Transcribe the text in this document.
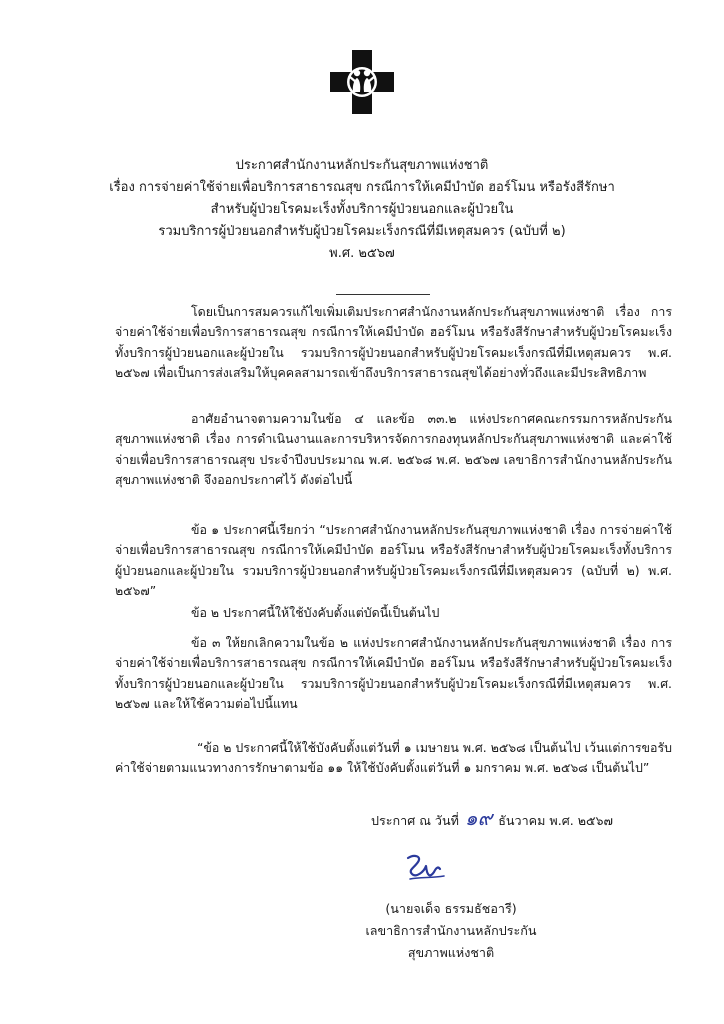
ประกาศสำนักงานหลักประกันสุขภาพแห่งชาติ
เรื่อง การจ่ายค่าใช้จ่ายเพื่อบริการสาธารณสุข กรณีการให้เคมีบำบัด ฮอร์โมน หรือรังสีรักษา
สำหรับผู้ป่วยโรคมะเร็งทั้งบริการผู้ป่วยนอกและผู้ป่วยใน
รวมบริการผู้ป่วยนอกสำหรับผู้ป่วยโรคมะเร็งกรณีที่มีเหตุสมควร (ฉบับที่ ๒)
พ.ศ. ๒๕๖๗

โดยเป็นการสมควรแก้ไขเพิ่มเติมประกาศสำนักงานหลักประกันสุขภาพแห่งชาติ เรื่อง การจ่ายค่าใช้จ่ายเพื่อบริการสาธารณสุข กรณีการให้เคมีบำบัด ฮอร์โมน หรือรังสีรักษาสำหรับผู้ป่วยโรคมะเร็งทั้งบริการผู้ป่วยนอกและผู้ป่วยใน รวมบริการผู้ป่วยนอกสำหรับผู้ป่วยโรคมะเร็งกรณีที่มีเหตุสมควร พ.ศ. ๒๕๖๗ เพื่อเป็นการส่งเสริมให้บุคคลสามารถเข้าถึงบริการสาธารณสุขได้อย่างทั่วถึงและมีประสิทธิภาพ

อาศัยอำนาจตามความในข้อ ๔ และข้อ ๓๓.๒ แห่งประกาศคณะกรรมการหลักประกันสุขภาพแห่งชาติ เรื่อง การดำเนินงานและการบริหารจัดการกองทุนหลักประกันสุขภาพแห่งชาติ และค่าใช้จ่ายเพื่อบริการสาธารณสุข ประจำปีงบประมาณ พ.ศ. ๒๕๖๘ พ.ศ. ๒๕๖๗ เลขาธิการสำนักงานหลักประกันสุขภาพแห่งชาติ จึงออกประกาศไว้ ดังต่อไปนี้

ข้อ ๑ ประกาศนี้เรียกว่า “ประกาศสำนักงานหลักประกันสุขภาพแห่งชาติ เรื่อง การจ่ายค่าใช้จ่ายเพื่อบริการสาธารณสุข กรณีการให้เคมีบำบัด ฮอร์โมน หรือรังสีรักษาสำหรับผู้ป่วยโรคมะเร็งทั้งบริการผู้ป่วยนอกและผู้ป่วยใน รวมบริการผู้ป่วยนอกสำหรับผู้ป่วยโรคมะเร็งกรณีที่มีเหตุสมควร (ฉบับที่ ๒) พ.ศ. ๒๕๖๗”

ข้อ ๒ ประกาศนี้ให้ใช้บังคับตั้งแต่บัดนี้เป็นต้นไป

ข้อ ๓ ให้ยกเลิกความในข้อ ๒ แห่งประกาศสำนักงานหลักประกันสุขภาพแห่งชาติ เรื่อง การจ่ายค่าใช้จ่ายเพื่อบริการสาธารณสุข กรณีการให้เคมีบำบัด ฮอร์โมน หรือรังสีรักษาสำหรับผู้ป่วยโรคมะเร็งทั้งบริการผู้ป่วยนอกและผู้ป่วยใน รวมบริการผู้ป่วยนอกสำหรับผู้ป่วยโรคมะเร็งกรณีที่มีเหตุสมควร พ.ศ. ๒๕๖๗ และให้ใช้ความต่อไปนี้แทน

“ข้อ ๒ ประกาศนี้ให้ใช้บังคับตั้งแต่วันที่ ๑ เมษายน พ.ศ. ๒๕๖๘ เป็นต้นไป เว้นแต่การขอรับค่าใช้จ่ายตามแนวทางการรักษาตามข้อ ๑๑ ให้ใช้บังคับตั้งแต่วันที่ ๑ มกราคม พ.ศ. ๒๕๖๘ เป็นต้นไป”

ประกาศ ณ วันที่ ๑๙ ธันวาคม พ.ศ. ๒๕๖๗
(นายจเด็จ ธรรมธัชอารี)
เลขาธิการสำนักงานหลักประกันสุขภาพแห่งชาติ
